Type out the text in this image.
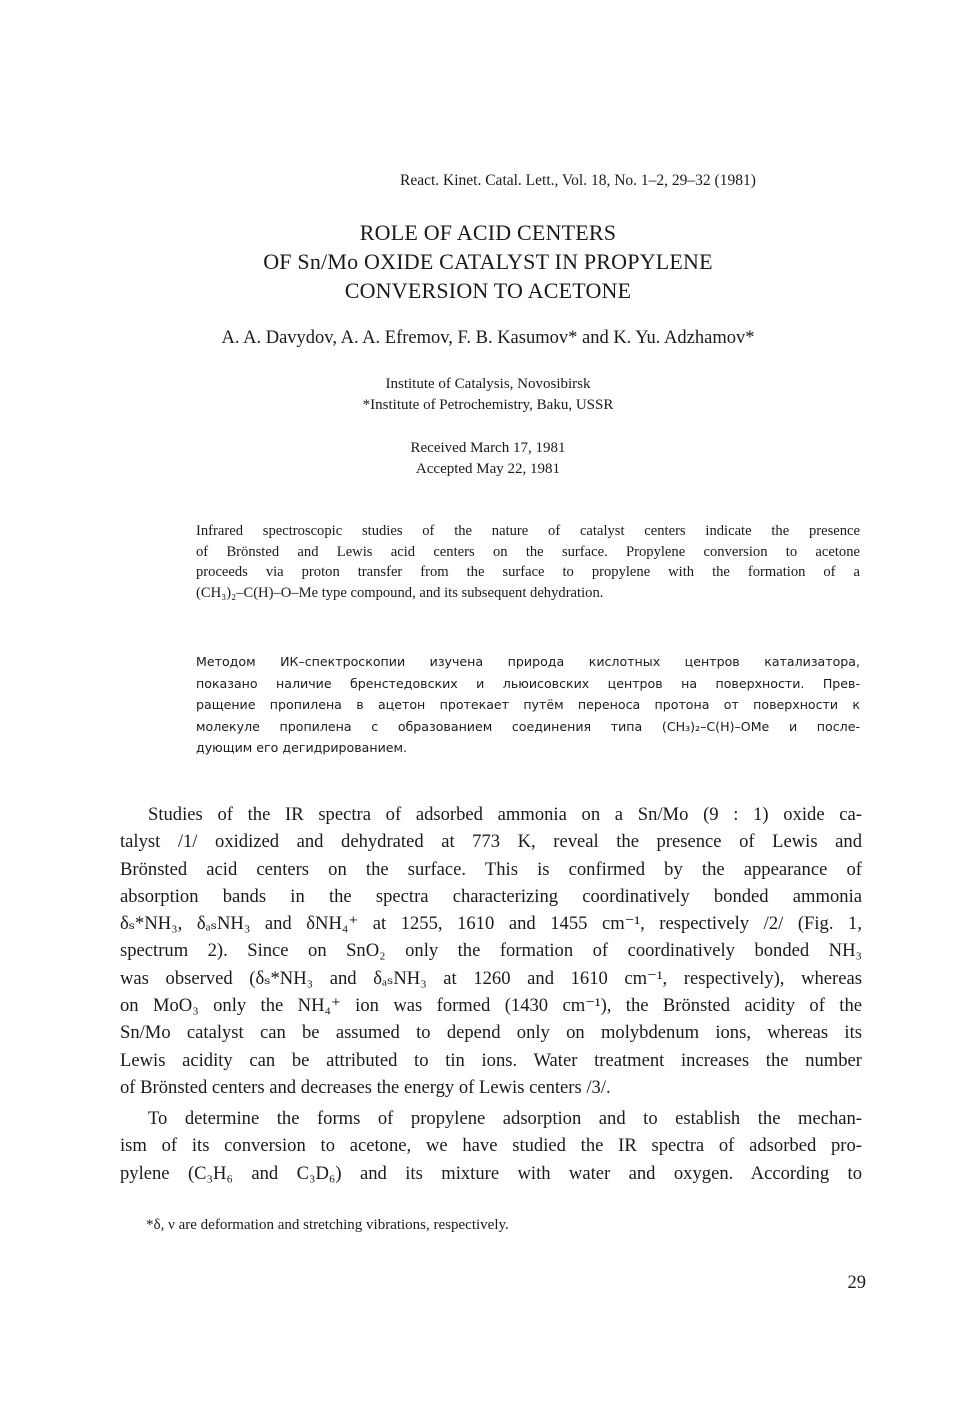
React. Kinet. Catal. Lett., Vol. 18, No. 1–2, 29–32 (1981)
ROLE OF ACID CENTERS
OF Sn/Mo OXIDE CATALYST IN PROPYLENE
CONVERSION TO ACETONE
A. A. Davydov, A. A. Efremov, F. B. Kasumov* and K. Yu. Adzhamov*
Institute of Catalysis, Novosibirsk
*Institute of Petrochemistry, Baku, USSR
Received March 17, 1981
Accepted May 22, 1981
Infrared spectroscopic studies of the nature of catalyst centers indicate the presence
of Brönsted and Lewis acid centers on the surface. Propylene conversion to acetone
proceeds via proton transfer from the surface to propylene with the formation of a
(CH₃)₂–C(H)–O–Me type compound, and its subsequent dehydration.
Методом ИК–спектроскопии изучена природа кислотных центров катализатора,
показано наличие бренстедовских и льюисовских центров на поверхности. Прев-
ращение пропилена в ацетон протекает путём переноса протона от поверхности к
молекуле пропилена с образованием соединения типа (CH₃)₂–C(H)–OMe и после-
дующим его дегидрированием.
Studies of the IR spectra of adsorbed ammonia on a Sn/Mo (9 : 1) oxide ca-
talyst /1/ oxidized and dehydrated at 773 K, reveal the presence of Lewis and
Brönsted acid centers on the surface. This is confirmed by the appearance of
absorption bands in the spectra characterizing coordinatively bonded ammonia
δₛ*NH₃, δₐₛNH₃ and δNH₄⁺ at 1255, 1610 and 1455 cm⁻¹, respectively /2/ (Fig. 1,
spectrum 2). Since on SnO₂ only the formation of coordinatively bonded NH₃
was observed (δₛ*NH₃ and δₐₛNH₃ at 1260 and 1610 cm⁻¹, respectively), whereas
on MoO₃ only the NH₄⁺ ion was formed (1430 cm⁻¹), the Brönsted acidity of the
Sn/Mo catalyst can be assumed to depend only on molybdenum ions, whereas its
Lewis acidity can be attributed to tin ions. Water treatment increases the number
of Brönsted centers and decreases the energy of Lewis centers /3/.
To determine the forms of propylene adsorption and to establish the mechan-
ism of its conversion to acetone, we have studied the IR spectra of adsorbed pro-
pylene (C₃H₆ and C₃D₆) and its mixture with water and oxygen. According to
*δ, ν are deformation and stretching vibrations, respectively.
29
